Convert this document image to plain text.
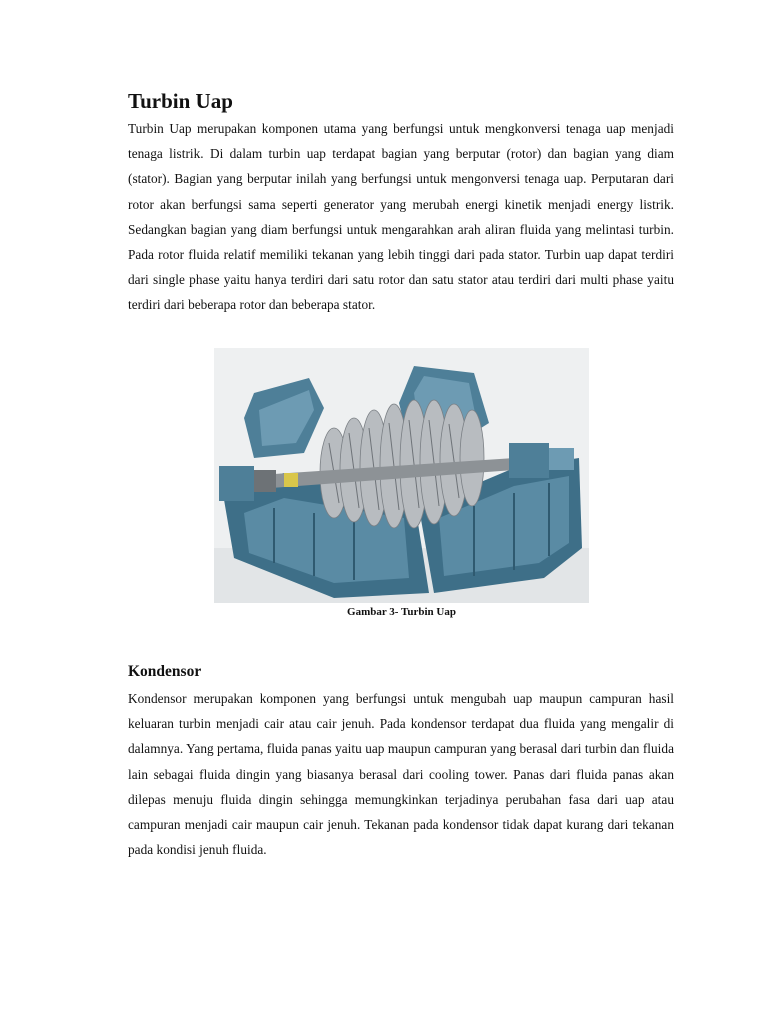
Turbin Uap

Turbin Uap merupakan komponen utama yang berfungsi untuk mengkonversi tenaga uap menjadi tenaga listrik. Di dalam turbin uap terdapat bagian yang berputar (rotor) dan bagian yang diam (stator). Bagian yang berputar inilah yang berfungsi untuk mengonversi tenaga uap. Perputaran dari rotor akan berfungsi sama seperti generator yang merubah energi kinetik menjadi energy listrik. Sedangkan bagian yang diam berfungsi untuk mengarahkan arah aliran fluida yang melintasi turbin. Pada rotor fluida relatif memiliki tekanan yang lebih tinggi dari pada stator. Turbin uap dapat terdiri dari single phase yaitu hanya terdiri dari satu rotor dan satu stator atau terdiri dari multi phase yaitu terdiri dari beberapa rotor dan beberapa stator.

Gambar 3- Turbin Uap
Kondensor

Kondensor merupakan komponen yang berfungsi untuk mengubah uap maupun campuran hasil keluaran turbin menjadi cair atau cair jenuh. Pada kondensor terdapat dua fluida yang mengalir di dalamnya. Yang pertama, fluida panas yaitu uap maupun campuran yang berasal dari turbin dan fluida lain sebagai fluida dingin yang biasanya berasal dari cooling tower. Panas dari fluida panas akan dilepas menuju fluida dingin sehingga memungkinkan terjadinya perubahan fasa dari uap atau campuran menjadi cair maupun cair jenuh. Tekanan pada kondensor tidak dapat kurang dari tekanan pada kondisi jenuh fluida.
